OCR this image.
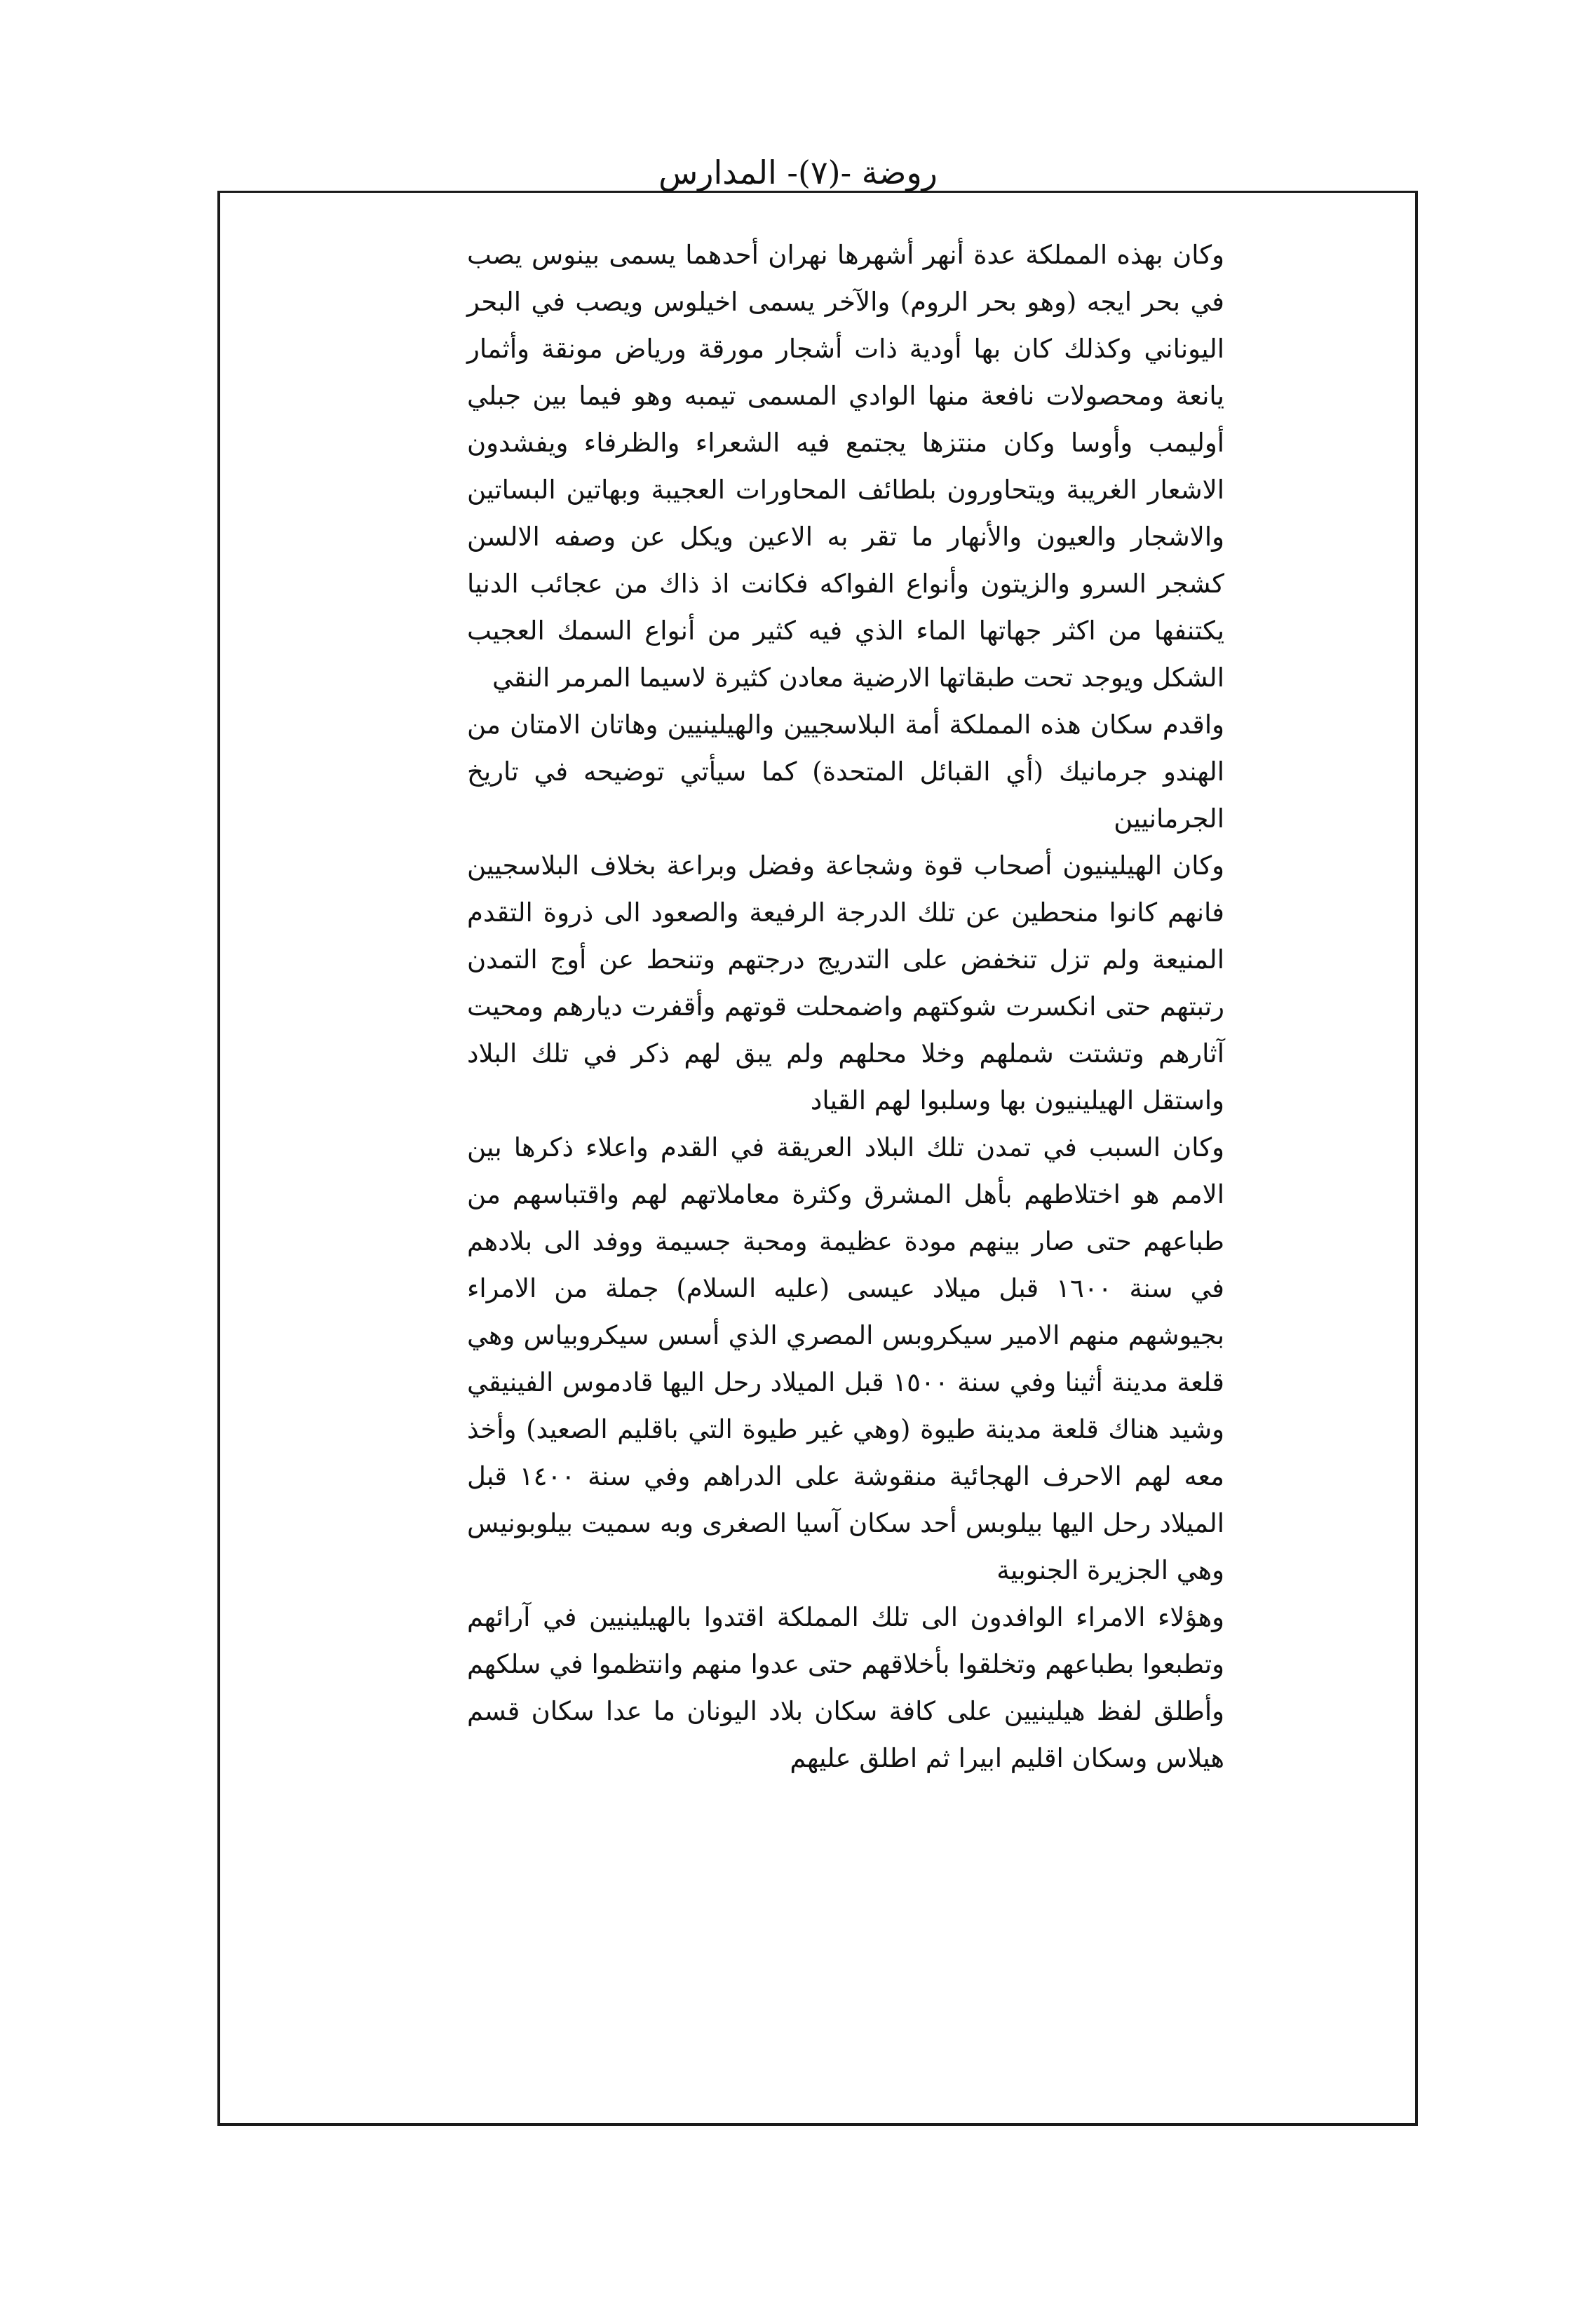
روضة -(٧)- المدارس

وكان بهذه المملكة عدة أنهر أشهرها نهران أحدهما يسمى بينوس يصب في بحر ايجه (وهو بحر الروم) والآخر يسمى اخيلوس ويصب في البحر اليوناني وكذلك كان بها أودية ذات أشجار مورقة ورياض مونقة وأثمار يانعة ومحصولات نافعة منها الوادي المسمى تيمبه وهو فيما بين جبلي أوليمب وأوسا وكان منتزها يجتمع فيه الشعراء والظرفاء ويفشدون الاشعار الغريبة ويتحاورون بلطائف المحاورات العجيبة وبهاتين البساتين والاشجار والعيون والأنهار ما تقر به الاعين ويكل عن وصفه الالسن كشجر السرو والزيتون وأنواع الفواكه فكانت اذ ذاك من عجائب الدنيا يكتنفها من اكثر جهاتها الماء الذي فيه كثير من أنواع السمك العجيب الشكل ويوجد تحت طبقاتها الارضية معادن كثيرة لاسيما المرمر النقي

واقدم سكان هذه المملكة أمة البلاسجيين والهيلينيين وهاتان الامتان من الهندو جرمانيك (أي القبائل المتحدة) كما سيأتي توضيحه في تاريخ الجرمانيين

وكان الهيلينيون أصحاب قوة وشجاعة وفضل وبراعة بخلاف البلاسجيين فانهم كانوا منحطين عن تلك الدرجة الرفيعة والصعود الى ذروة التقدم المنيعة ولم تزل تنخفض على التدريج درجتهم وتنحط عن أوج التمدن رتبتهم حتى انكسرت شوكتهم واضمحلت قوتهم وأقفرت ديارهم ومحيت آثارهم وتشتت شملهم وخلا محلهم ولم يبق لهم ذكر في تلك البلاد واستقل الهيلينيون بها وسلبوا لهم القياد

وكان السبب في تمدن تلك البلاد العريقة في القدم واعلاء ذكرها بين الامم هو اختلاطهم بأهل المشرق وكثرة معاملاتهم لهم واقتباسهم من طباعهم حتى صار بينهم مودة عظيمة ومحبة جسيمة ووفد الى بلادهم في سنة ١٦٠٠ قبل ميلاد عيسى (عليه السلام) جملة من الامراء بجيوشهم منهم الامير سيكروبس المصري الذي أسس سيكروبياس وهي قلعة مدينة أثينا وفي سنة ١٥٠٠ قبل الميلاد رحل اليها قادموس الفينيقي وشيد هناك قلعة مدينة طيوة (وهي غير طيوة التي باقليم الصعيد) وأخذ معه لهم الاحرف الهجائية منقوشة على الدراهم وفي سنة ١٤٠٠ قبل الميلاد رحل اليها بيلوبس أحد سكان آسيا الصغرى وبه سميت بيلوبونيس وهي الجزيرة الجنوبية

وهؤلاء الامراء الوافدون الى تلك المملكة اقتدوا بالهيلينيين في آرائهم وتطبعوا بطباعهم وتخلقوا بأخلاقهم حتى عدوا منهم وانتظموا في سلكهم وأطلق لفظ هيلينيين على كافة سكان بلاد اليونان ما عدا سكان قسم هيلاس وسكان اقليم ابيرا ثم اطلق عليهم
